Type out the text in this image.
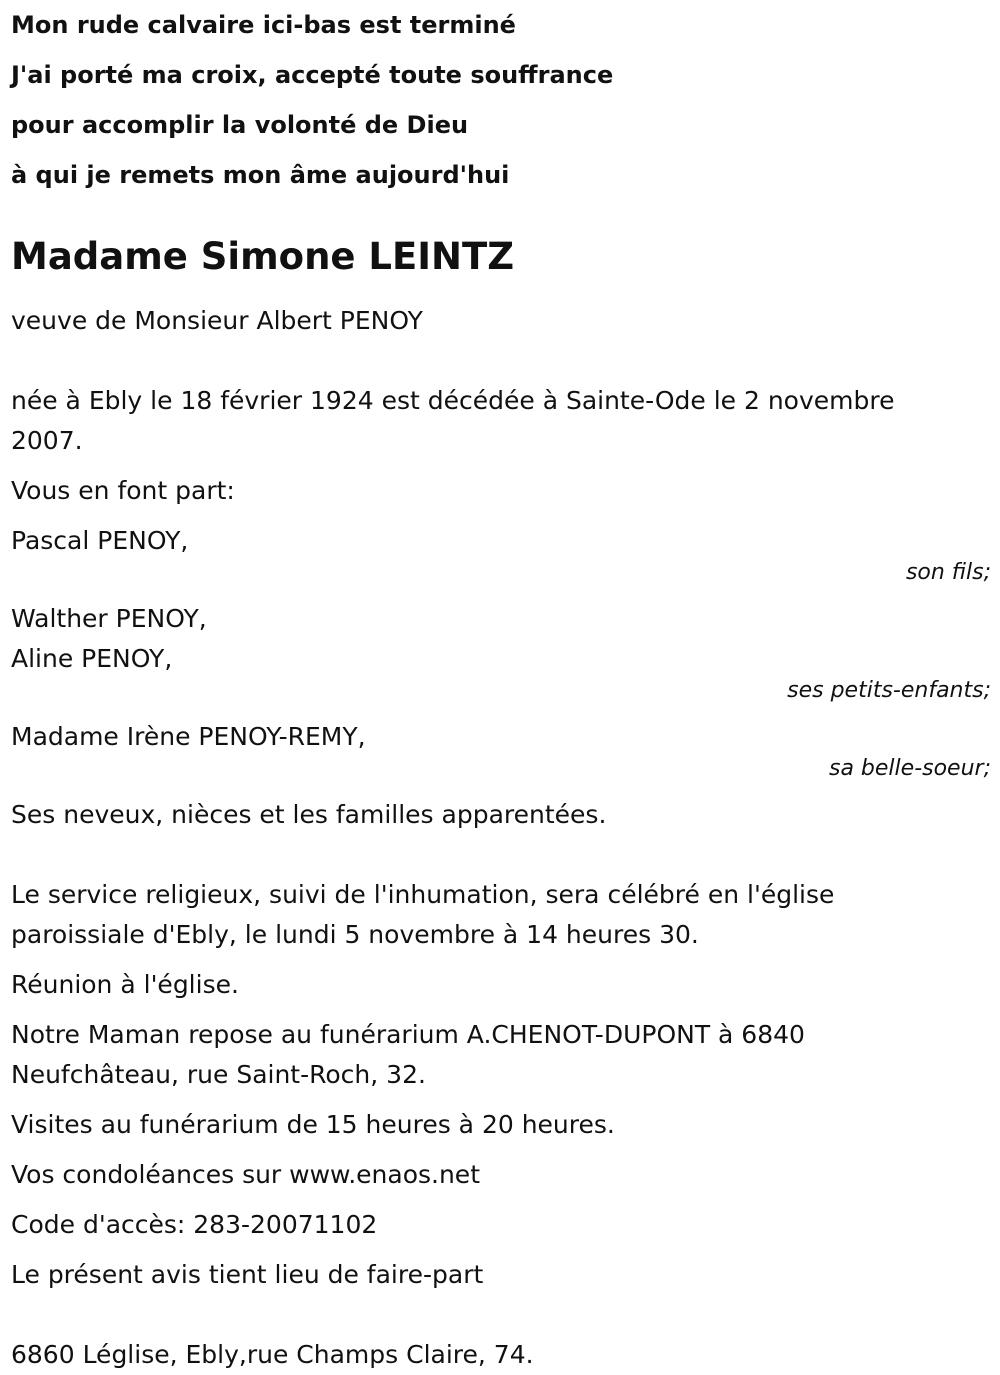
Mon rude calvaire ici-bas est terminé

J'ai porté ma croix, accepté toute souffrance

pour accomplir la volonté de Dieu

à qui je remets mon âme aujourd'hui

Madame Simone LEINTZ

veuve de Monsieur Albert PENOY

née à Ebly le 18 février 1924 est décédée à Sainte-Ode le 2 novembre

2007.

Vous en font part:

Pascal PENOY,

son fils;

Walther PENOY,

Aline PENOY,

ses petits-enfants;

Madame Irène PENOY-REMY,

sa belle-soeur;

Ses neveux, nièces et les familles apparentées.

Le service religieux, suivi de l'inhumation, sera célébré en l'église

paroissiale d'Ebly, le lundi 5 novembre à 14 heures 30.

Réunion à l'église.

Notre Maman repose au funérarium A.CHENOT-DUPONT à 6840

Neufchâteau, rue Saint-Roch, 32.

Visites au funérarium de 15 heures à 20 heures.

Vos condoléances sur www.enaos.net

Code d'accès: 283-20071102

Le présent avis tient lieu de faire-part

6860 Léglise, Ebly,rue Champs Claire, 74.
